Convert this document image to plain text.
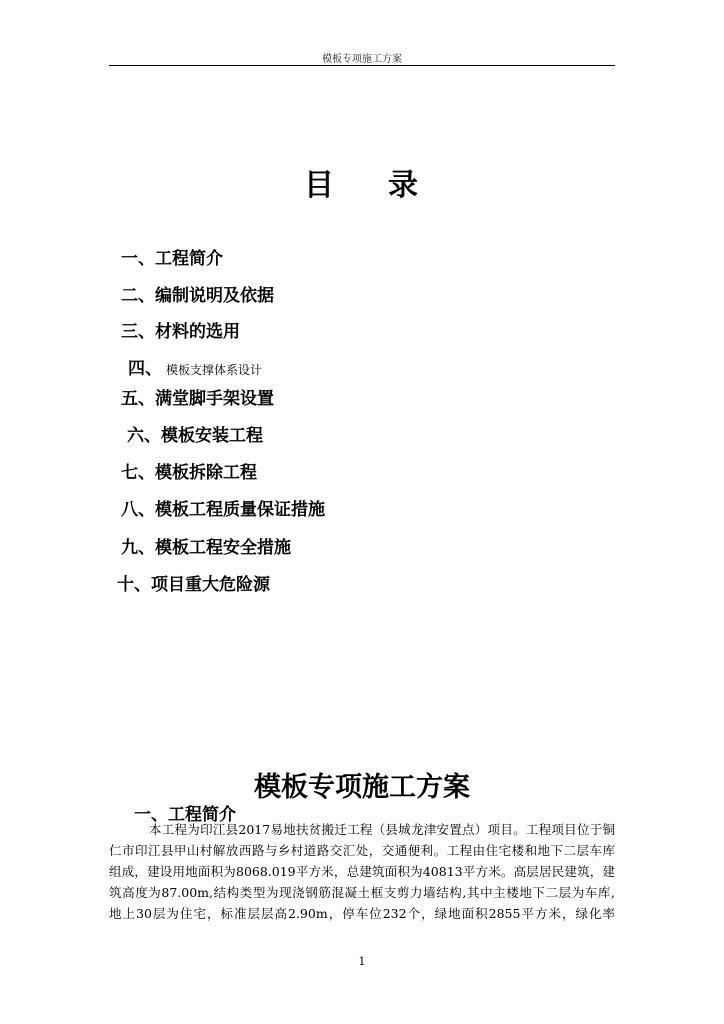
模板专项施工方案
目 录
一、工程简介
二、编制说明及依据
三、材料的选用
四、 模板支撑体系设计
五、满堂脚手架设置
六、模板安装工程
七、模板拆除工程
八、模板工程质量保证措施
九、模板工程安全措施
十、项目重大危险源
模板专项施工方案
一、工程简介
本工程为印江县2017易地扶贫搬迁工程（县城龙津安置点）项目。工程项目位于铜
仁市印江县甲山村解放西路与乡村道路交汇处，交通便利。工程由住宅楼和地下二层车库
组成，建设用地面积为8068.019平方米，总建筑面积为40813平方米。高层居民建筑，建
筑高度为87.00m,结构类型为现浇钢筋混凝土框支剪力墙结构,其中主楼地下二层为车库,
地上30层为住宅，标准层层高2.90m，停车位232个，绿地面积2855平方米，绿化率
1
